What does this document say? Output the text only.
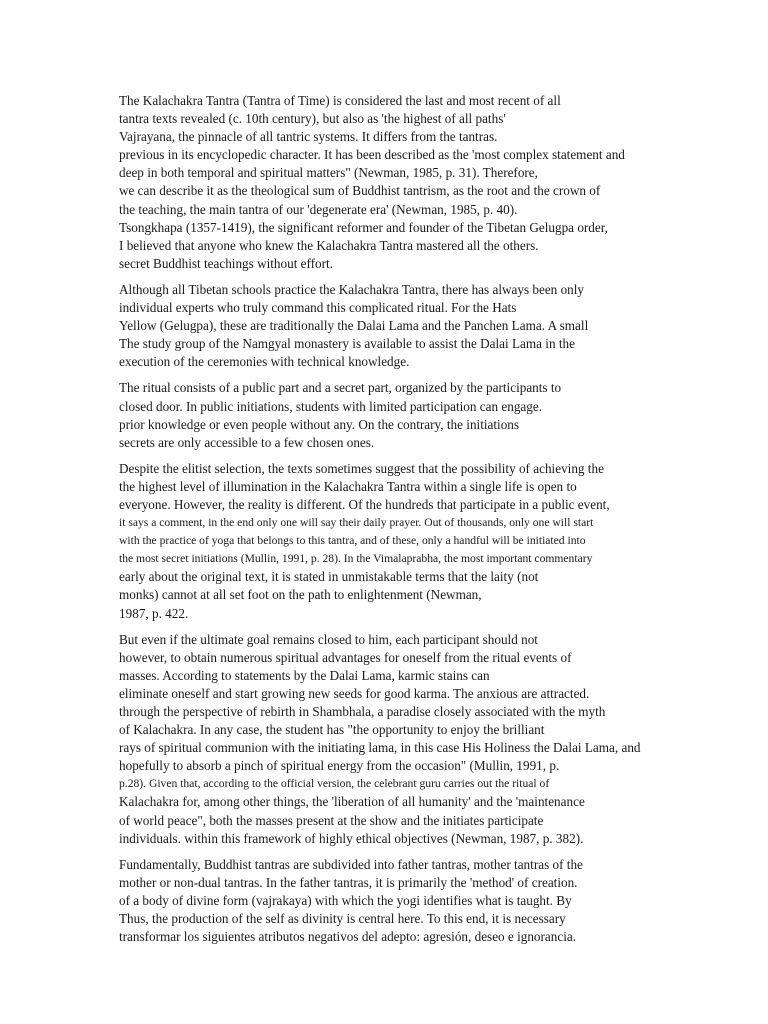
The Kalachakra Tantra (Tantra of Time) is considered the last and most recent of all
tantra texts revealed (c. 10th century), but also as 'the highest of all paths'
Vajrayana, the pinnacle of all tantric systems. It differs from the tantras.
previous in its encyclopedic character. It has been described as the 'most complex statement and
deep in both temporal and spiritual matters" (Newman, 1985, p. 31). Therefore,
we can describe it as the theological sum of Buddhist tantrism, as the root and the crown of
the teaching, the main tantra of our 'degenerate era' (Newman, 1985, p. 40).
Tsongkhapa (1357-1419), the significant reformer and founder of the Tibetan Gelugpa order,
I believed that anyone who knew the Kalachakra Tantra mastered all the others.
secret Buddhist teachings without effort.

Although all Tibetan schools practice the Kalachakra Tantra, there has always been only
individual experts who truly command this complicated ritual. For the Hats
Yellow (Gelugpa), these are traditionally the Dalai Lama and the Panchen Lama. A small
The study group of the Namgyal monastery is available to assist the Dalai Lama in the
execution of the ceremonies with technical knowledge.

The ritual consists of a public part and a secret part, organized by the participants to
closed door. In public initiations, students with limited participation can engage.
prior knowledge or even people without any. On the contrary, the initiations
secrets are only accessible to a few chosen ones.

Despite the elitist selection, the texts sometimes suggest that the possibility of achieving the
the highest level of illumination in the Kalachakra Tantra within a single life is open to
everyone. However, the reality is different. Of the hundreds that participate in a public event,
it says a comment, in the end only one will say their daily prayer. Out of thousands, only one will start
with the practice of yoga that belongs to this tantra, and of these, only a handful will be initiated into
the most secret initiations (Mullin, 1991, p. 28). In the Vimalaprabha, the most important commentary
early about the original text, it is stated in unmistakable terms that the laity (not
monks) cannot at all set foot on the path to enlightenment (Newman,
1987, p. 422.

But even if the ultimate goal remains closed to him, each participant should not
however, to obtain numerous spiritual advantages for oneself from the ritual events of
masses. According to statements by the Dalai Lama, karmic stains can
eliminate oneself and start growing new seeds for good karma. The anxious are attracted.
through the perspective of rebirth in Shambhala, a paradise closely associated with the myth
of Kalachakra. In any case, the student has "the opportunity to enjoy the brilliant
rays of spiritual communion with the initiating lama, in this case His Holiness the Dalai Lama, and
hopefully to absorb a pinch of spiritual energy from the occasion" (Mullin, 1991, p.
p.28). Given that, according to the official version, the celebrant guru carries out the ritual of
Kalachakra for, among other things, the 'liberation of all humanity' and the 'maintenance
of world peace", both the masses present at the show and the initiates participate
individuals. within this framework of highly ethical objectives (Newman, 1987, p. 382).

Fundamentally, Buddhist tantras are subdivided into father tantras, mother tantras of the
mother or non-dual tantras. In the father tantras, it is primarily the 'method' of creation.
of a body of divine form (vajrakaya) with which the yogi identifies what is taught. By
Thus, the production of the self as divinity is central here. To this end, it is necessary
transformar los siguientes atributos negativos del adepto: agresión, deseo e ignorancia.
